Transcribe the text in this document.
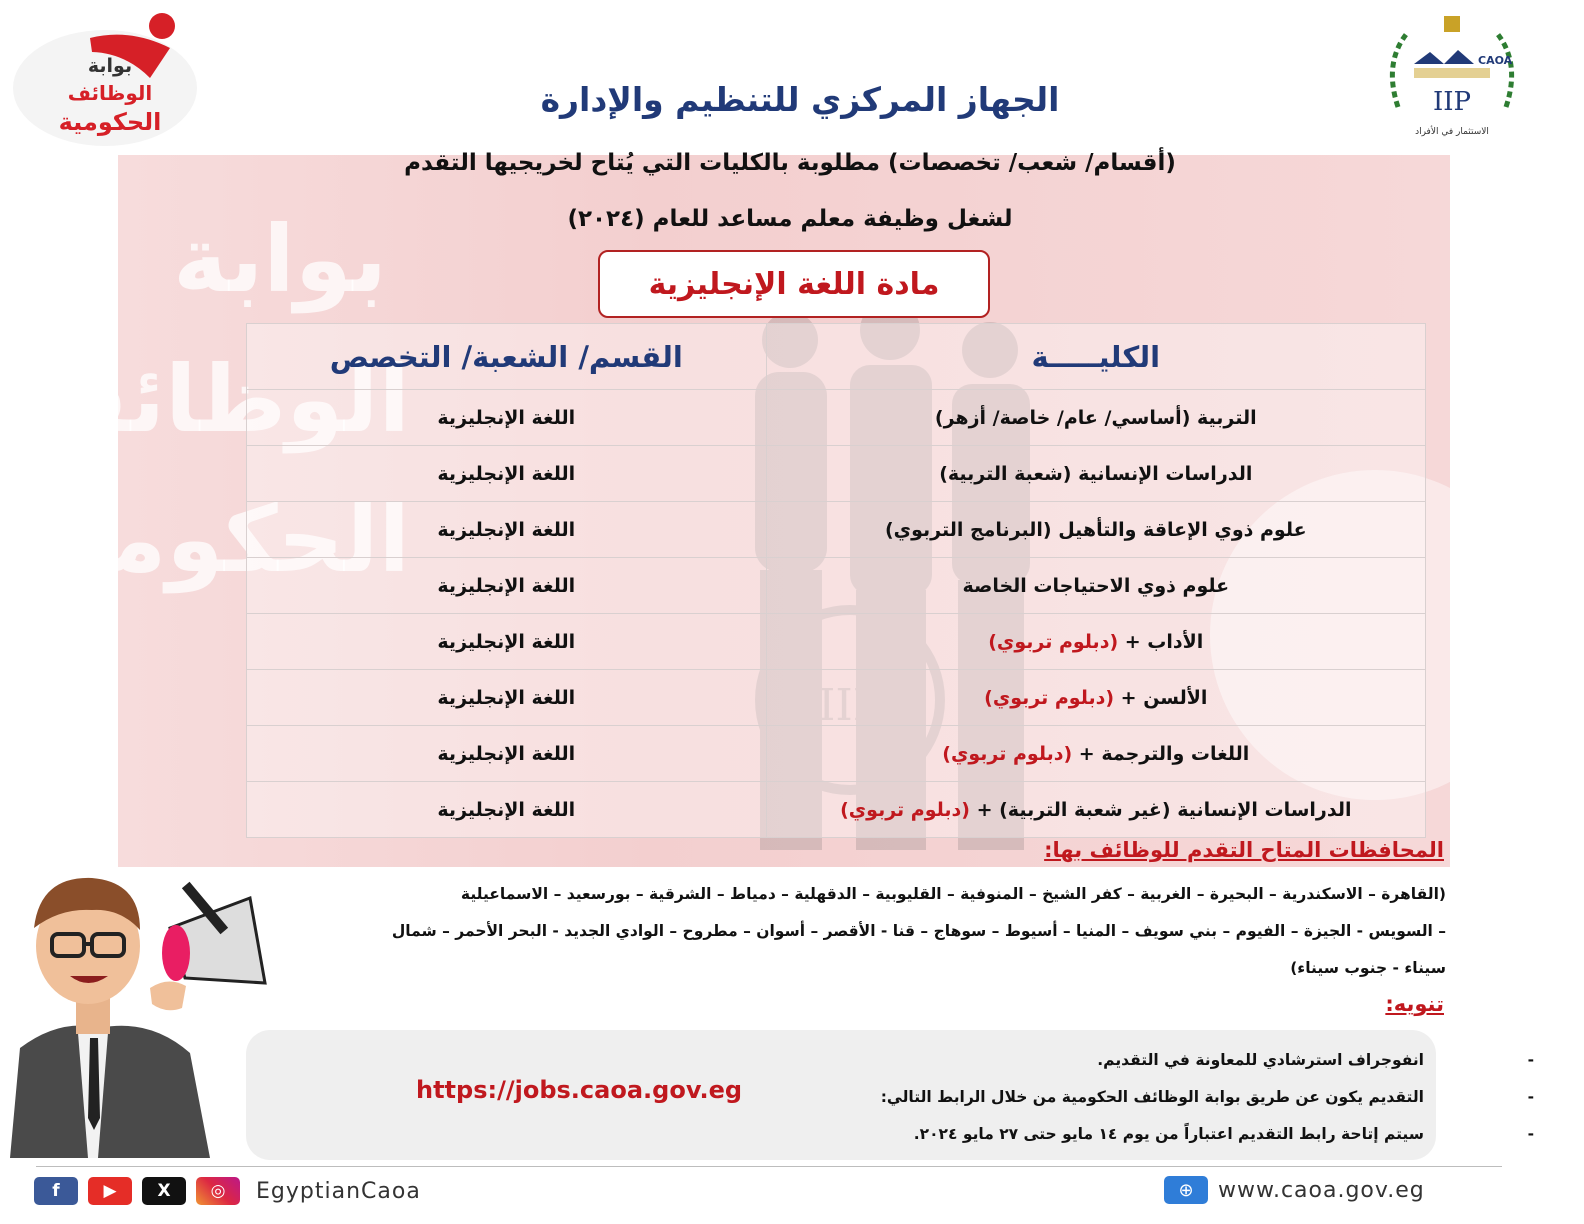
بوابة
الوظائف
الحكومية
IIP
بوابة
الوظائف
الحكومية
CAOA
IIP
الاستثمار في الأفراد
الجهاز المركزي للتنظيم والإدارة
(أقسام/ شعب/ تخصصات) مطلوبة بالكليات التي يُتاح لخريجيها التقدم
لشغل وظيفة معلم مساعد للعام (٢٠٢٤)
مادة اللغة الإنجليزية
الكليـــــة	القسم/ الشعبة/ التخصص
التربية (أساسي/ عام/ خاصة/ أزهر)	اللغة الإنجليزية
الدراسات الإنسانية (شعبة التربية)	اللغة الإنجليزية
علوم ذوي الإعاقة والتأهيل (البرنامج التربوي)	اللغة الإنجليزية
علوم ذوي الاحتياجات الخاصة	اللغة الإنجليزية
الأداب + (دبلوم تربوي)	اللغة الإنجليزية
الألسن + (دبلوم تربوي)	اللغة الإنجليزية
اللغات والترجمة + (دبلوم تربوي)	اللغة الإنجليزية
الدراسات الإنسانية (غير شعبة التربية) + (دبلوم تربوي)	اللغة الإنجليزية
المحافظات المتاح التقدم للوظائف بها:
(القاهرة – الاسكندرية – البحيرة – الغربية – كفر الشيخ – المنوفية – القليوبية – الدقهلية – دمياط – الشرقية – بورسعيد – الاسماعيلية
– السويس - الجيزة – الفيوم – بني سويف – المنيا – أسيوط – سوهاج – قنا - الأقصر – أسوان – مطروح – الوادي الجديد - البحر الأحمر – شمال
سيناء - جنوب سيناء)
تنويه:
-
انفوجراف استرشادي للمعاونة في التقديم.
-
التقديم يكون عن طريق بوابة الوظائف الحكومية من خلال الرابط التالي:
-
سيتم إتاحة رابط التقديم اعتباراً من يوم ١٤ مايو حتى ٢٧ مايو ٢٠٢٤.
https://jobs.caoa.gov.eg
f	▶	X	◎	EgyptianCaoa	⊕	www.caoa.gov.eg
